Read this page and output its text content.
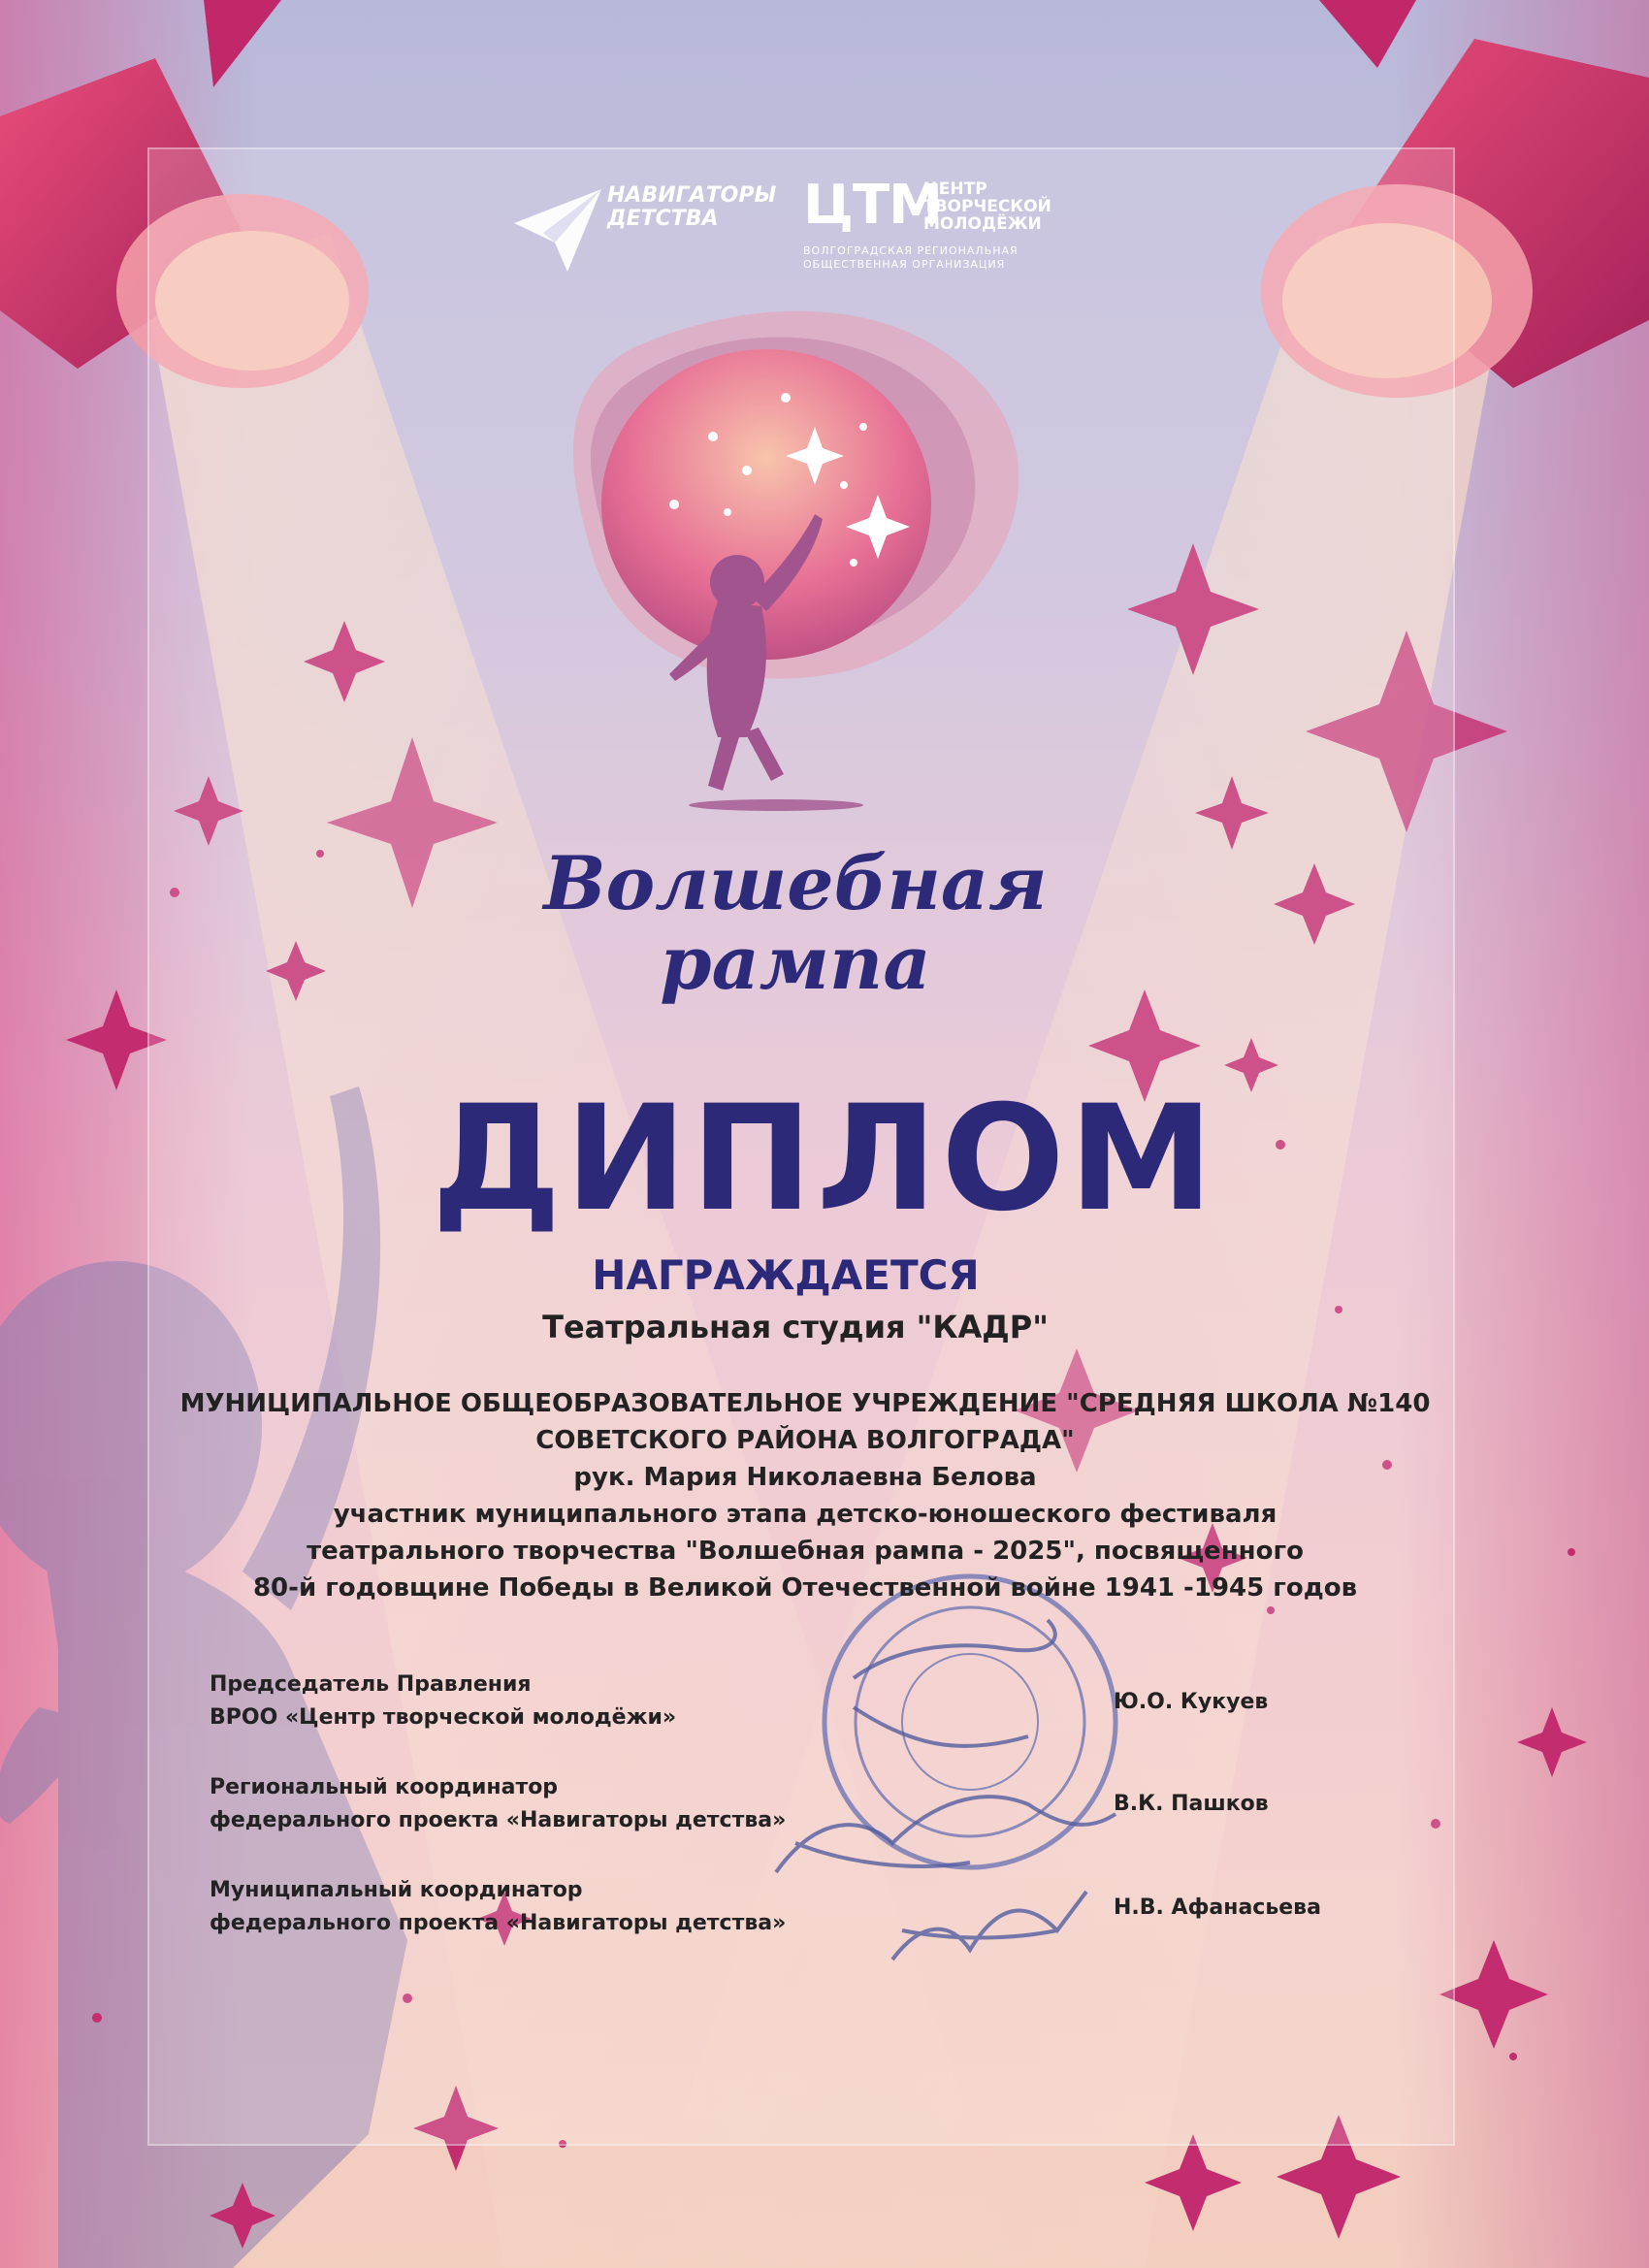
НАВИГАТОРЫ ДЕТСТВА	ЦТМ
ЦЕНТР ТВОРЧЕСКОЙ МОЛОДЁЖИ
ВОЛГОГРАДСКАЯ РЕГИОНАЛЬНАЯ ОБЩЕСТВЕННАЯ ОРГАНИЗАЦИЯ
Волшебная
рампа
ДИПЛОМ
НАГРАЖДАЕТСЯ
Театральная студия "КАДР"
МУНИЦИПАЛЬНОЕ ОБЩЕОБРАЗОВАТЕЛЬНОЕ УЧРЕЖДЕНИЕ "СРЕДНЯЯ ШКОЛА №140
СОВЕТСКОГО РАЙОНА ВОЛГОГРАДА"
рук. Мария Николаевна Белова
участник муниципального этапа детско-юношеского фестиваля
театрального творчества "Волшебная рампа - 2025", посвященного
80-й годовщине Победы в Великой Отечественной войне 1941 -1945 годов
Председатель Правления
ВРОО «Центр творческой молодёжи»
Ю.О. Кукуев
Региональный координатор
федерального проекта «Навигаторы детства»
В.К. Пашков
Муниципальный координатор
федерального проекта «Навигаторы детства»
Н.В. Афанасьева
